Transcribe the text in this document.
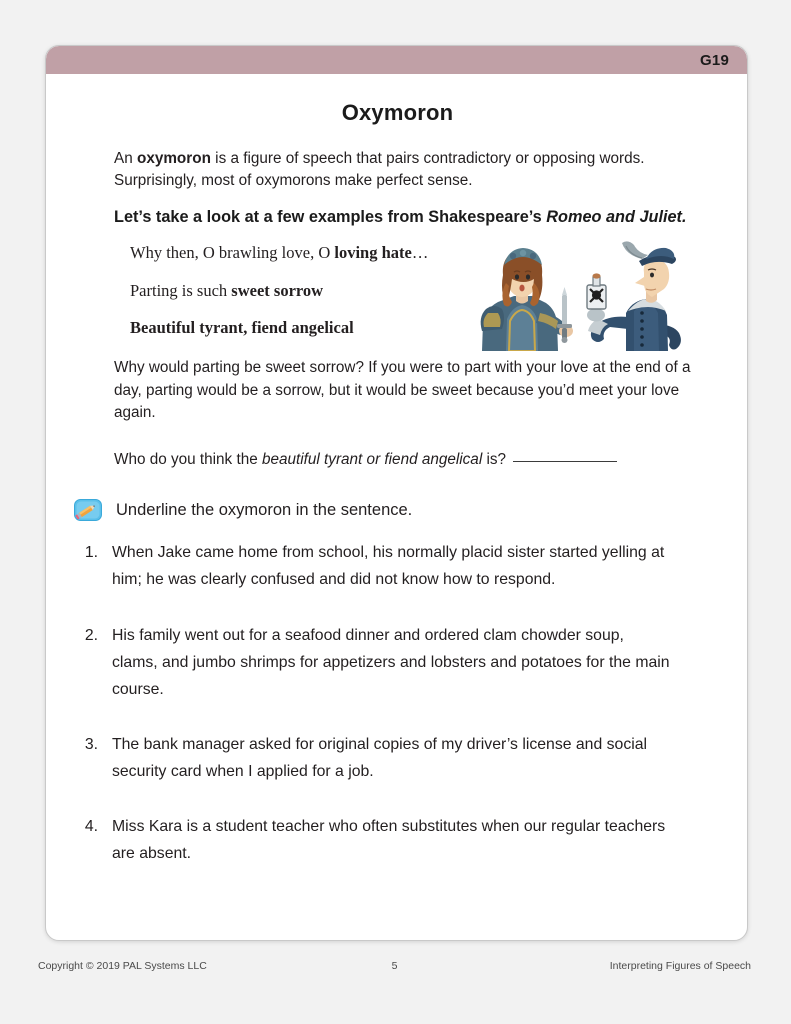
G19
Oxymoron

An oxymoron is a figure of speech that pairs contradictory or opposing words. Surprisingly, most of oxymorons make perfect sense.

Let’s take a look at a few examples from Shakespeare’s Romeo and Juliet.

Why then, O brawling love, O loving hate…
Parting is such sweet sorrow
Beautiful tyrant, fiend angelical

Why would parting be sweet sorrow? If you were to part with your love at the end of a day, parting would be a sorrow, but it would be sweet because you’d meet your love again.

Who do you think the beautiful tyrant or fiend angelical is?

Underline the oxymoron in the sentence.
1. When Jake came home from school, his normally placid sister started yelling at him; he was clearly confused and did not know how to respond.
2. His family went out for a seafood dinner and ordered clam chowder soup, clams, and jumbo shrimps for appetizers and lobsters and potatoes for the main course.
3. The bank manager asked for original copies of my driver’s license and social security card when I applied for a job.
4. Miss Kara is a student teacher who often substitutes when our regular teachers are absent.
Copyright © 2019 PAL Systems LLC	5	Interpreting Figures of Speech
